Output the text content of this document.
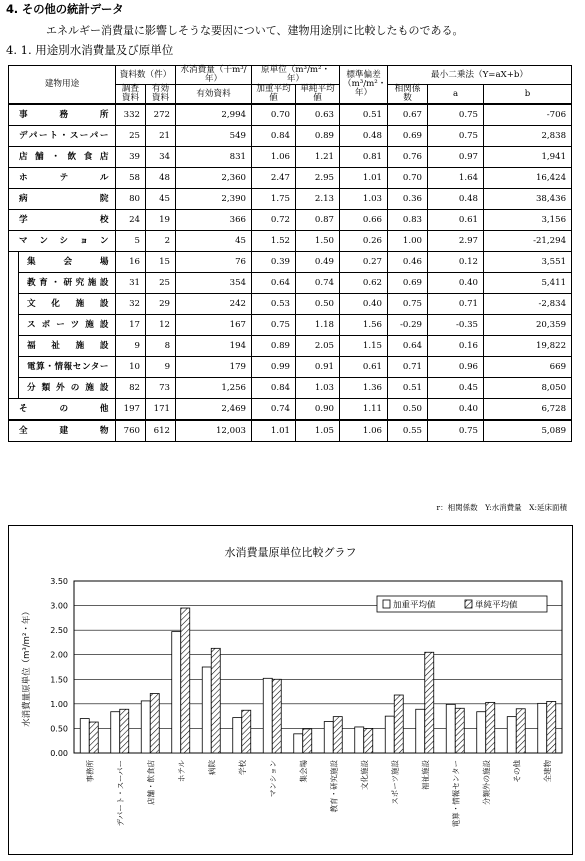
4. その他の統計データ
エネルギー消費量に影響しそうな要因について、建物用途別に比較したものである。
4. 1. 用途別水消費量及び原単位
建物用途		資料数（件）		水消費量（千m³/年）	原単位（m³/m²・年）		標準偏差（m³/m²・年）	最小二乗法（Y=aX+b）		
		調査資料	有効資料	有効資料	加重平均値	単純平均値		相関係数	a	b
事務所		332	272	2,994	0.70	0.63	0.51	0.67	0.75	-706
デパート・スーパー		25	21	549	0.84	0.89	0.48	0.69	0.75	2,838
店舗・飲食店		39	34	831	1.06	1.21	0.81	0.76	0.97	1,941
ホテル		58	48	2,360	2.47	2.95	1.01	0.70	1.64	16,424
病院		80	45	2,390	1.75	2.13	1.03	0.36	0.48	38,436
学校		24	19	366	0.72	0.87	0.66	0.83	0.61	3,156
マンション		5	2	45	1.52	1.50	0.26	1.00	2.97	-21,294
	集会場	16	15	76	0.39	0.49	0.27	0.46	0.12	3,551
	教育・研究施設	31	25	354	0.64	0.74	0.62	0.69	0.40	5,411
	文化施設	32	29	242	0.53	0.50	0.40	0.75	0.71	-2,834
	スポーツ施設	17	12	167	0.75	1.18	1.56	-0.29	-0.35	20,359
	福祉施設	9	8	194	0.89	2.05	1.15	0.64	0.16	19,822
	電算・情報センター	10	9	179	0.99	0.91	0.61	0.71	0.96	669
	分類外の施設	82	73	1,256	0.84	1.03	1.36	0.51	0.45	8,050
その他		197	171	2,469	0.74	0.90	1.11	0.50	0.40	6,728
全建物		760	612	12,003	1.01	1.05	1.06	0.55	0.75	5,089
r：相関係数　Y:水消費量　X:延床面積
水消費量原単位比較グラフ
0.00
0.50
1.00
1.50
2.00
2.50
3.00
3.50
水消費量原単位（m³/m²・年）
事務所	デパート・スーパー	店舗・飲食店	ホテル	病院	学校	マンション	集会場	教育・研究施設	文化施設	スポーツ施設	福祉施設	電算・情報センター	分類外の施設	その他	全建物
加重平均値	単純平均値
